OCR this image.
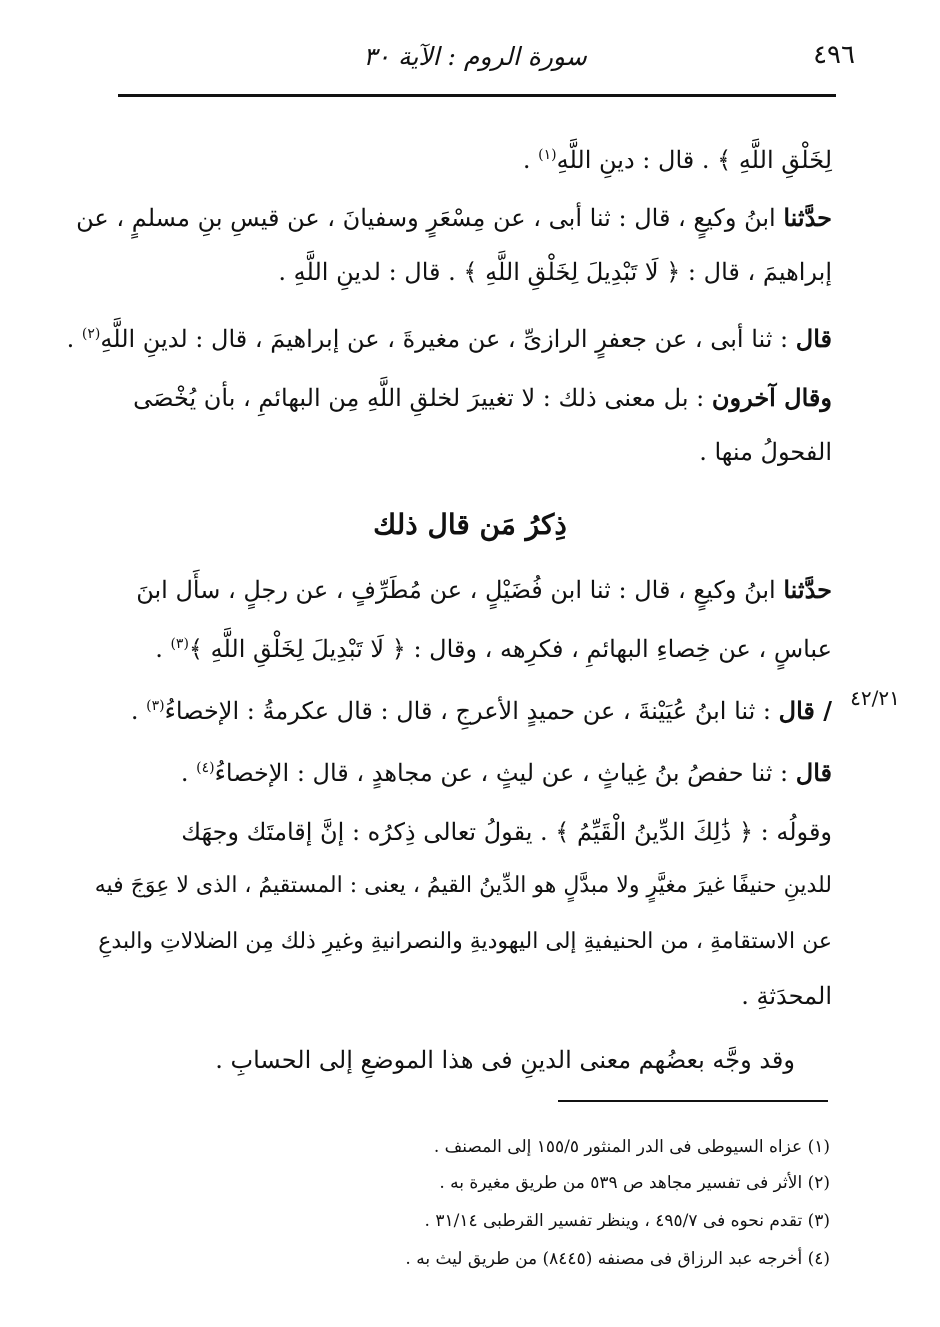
٤٩٦
سورة الروم : الآية ٣٠
لِخَلْقِ اللَّهِ ﴾ . قال : دينِ اللَّهِ$^{(١)}$ .
حدَّثنا ابنُ وكيعٍ ، قال : ثنا أبى ، عن مِسْعَرٍ وسفيانَ ، عن قيسِ بنِ مسلمٍ ، عن
إبراهيمَ ، قال : ﴿ لَا تَبْدِيلَ لِخَلْقِ اللَّهِ ﴾ . قال : لدينِ اللَّهِ .
قال : ثنا أبى ، عن جعفرٍ الرازىِّ ، عن مغيرةَ ، عن إبراهيمَ ، قال : لدينِ اللَّهِ$^{(٢)}$ .
وقال آخرون : بل معنى ذلك : لا تغييرَ لخلقِ اللَّهِ مِن البهائمِ ، بأن يُخْصَى
الفحولُ منها .
ذِكرُ مَن قال ذلك
حدَّثنا ابنُ وكيعٍ ، قال : ثنا ابن فُضَيْلٍ ، عن مُطَرِّفٍ ، عن رجلٍ ، سأَل ابنَ
عباسٍ ، عن خِصاءِ البهائمِ ، فكرِهه ، وقال : ﴿ لَا تَبْدِيلَ لِخَلْقِ اللَّهِ ﴾$^{(٣)}$ .
٤٢/٢١
/ قال : ثنا ابنُ عُيَيْنةَ ، عن حميدٍ الأعرجِ ، قال : قال عكرمةُ : الإخصاءُ$^{(٣)}$ .
قال : ثنا حفصُ بنُ غِياثٍ ، عن ليثٍ ، عن مجاهدٍ ، قال : الإخصاءُ$^{(٤)}$ .
وقولُه : ﴿ ذَٰلِكَ الدِّينُ الْقَيِّمُ ﴾ . يقولُ تعالى ذِكرُه : إنَّ إقامتَك وجهَك
للدينِ حنيفًا غيرَ مغيَّرٍ ولا مبدَّلٍ هو الدِّينُ القيمُ ، يعنى : المستقيمُ ، الذى لا عِوَجَ فيه
عن الاستقامةِ ، من الحنيفيةِ إلى اليهوديةِ والنصرانيةِ وغيرِ ذلك مِن الضلالاتِ والبدعِ
المحدَثةِ .
وقد وجَّه بعضُهم معنى الدينِ فى هذا الموضعِ إلى الحسابِ .
(١) عزاه السيوطى فى الدر المنثور ١٥٥/٥ إلى المصنف .
(٢) الأثر فى تفسير مجاهد ص ٥٣٩ من طريق مغيرة به .
(٣) تقدم نحوه فى ٤٩٥/٧ ، وينظر تفسير القرطبى ٣١/١٤ .
(٤) أخرجه عبد الرزاق فى مصنفه (٨٤٤٥) من طريق ليث به .
